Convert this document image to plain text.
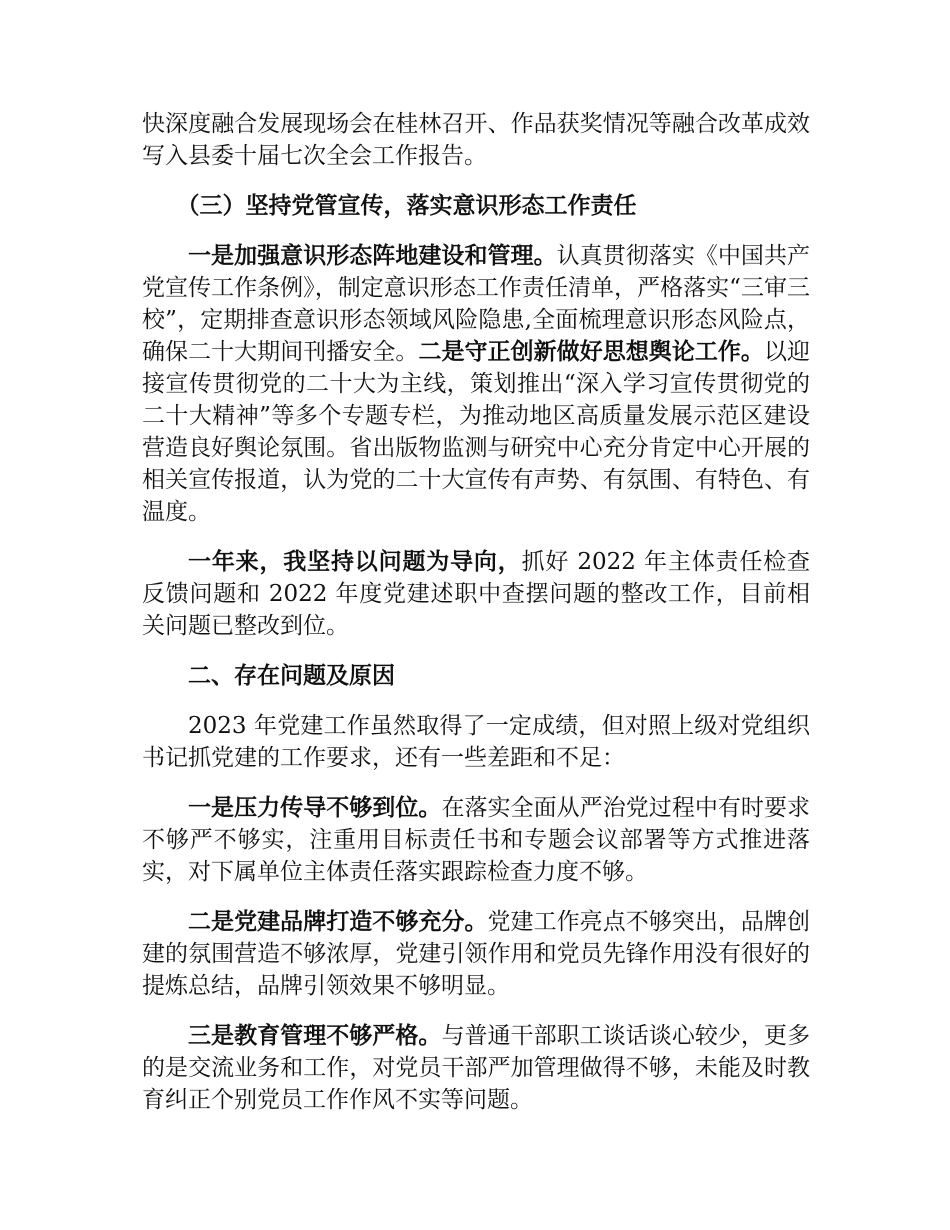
快深度融合发展现场会在桂林召开、作品获奖情况等融合改革成效写入县委十届七次全会工作报告。

（三）坚持党管宣传，落实意识形态工作责任

一是加强意识形态阵地建设和管理。认真贯彻落实《中国共产党宣传工作条例》，制定意识形态工作责任清单，严格落实“三审三校”，定期排查意识形态领域风险隐患,全面梳理意识形态风险点，确保二十大期间刊播安全。二是守正创新做好思想舆论工作。以迎接宣传贯彻党的二十大为主线，策划推出“深入学习宣传贯彻党的二十大精神”等多个专题专栏，为推动地区高质量发展示范区建设营造良好舆论氛围。省出版物监测与研究中心充分肯定中心开展的相关宣传报道，认为党的二十大宣传有声势、有氛围、有特色、有温度。

一年来，我坚持以问题为导向，抓好 2022 年主体责任检查反馈问题和 2022 年度党建述职中查摆问题的整改工作，目前相关问题已整改到位。

二、存在问题及原因

2023 年党建工作虽然取得了一定成绩，但对照上级对党组织书记抓党建的工作要求，还有一些差距和不足：

一是压力传导不够到位。在落实全面从严治党过程中有时要求不够严不够实，注重用目标责任书和专题会议部署等方式推进落实，对下属单位主体责任落实跟踪检查力度不够。

二是党建品牌打造不够充分。党建工作亮点不够突出，品牌创建的氛围营造不够浓厚，党建引领作用和党员先锋作用没有很好的提炼总结，品牌引领效果不够明显。

三是教育管理不够严格。与普通干部职工谈话谈心较少，更多的是交流业务和工作，对党员干部严加管理做得不够，未能及时教育纠正个别党员工作作风不实等问题。
